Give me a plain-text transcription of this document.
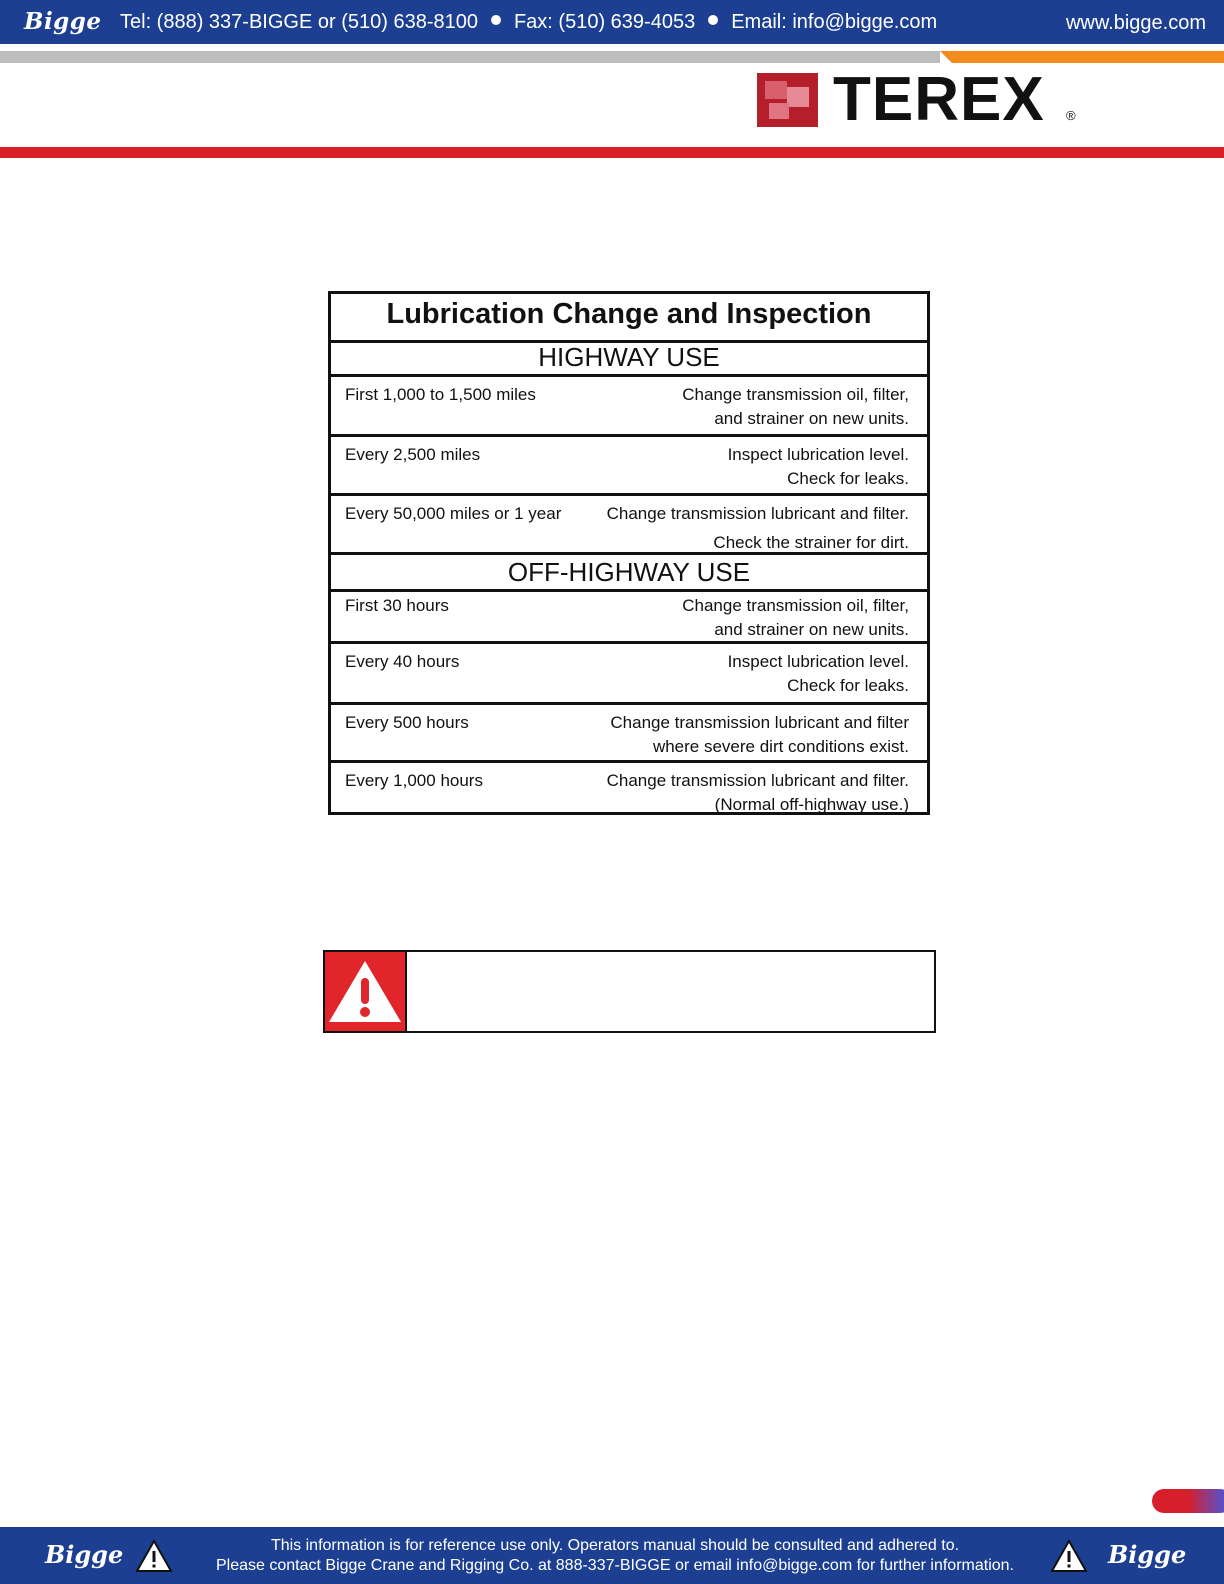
Bigge Tel: (888) 337-BIGGE or (510) 638-8100 Fax: (510) 639-4053 Email: info@bigge.com	www.bigge.com
TEREX ®
Lubrication Change and Inspection
HIGHWAY USE
First 1,000 to 1,500 miles	Change transmission oil, filter,
and strainer on new units.
Every 2,500 miles	Inspect lubrication level.
Check for leaks.
Every 50,000 miles or 1 year	Change transmission lubricant and filter.
Check the strainer for dirt.
OFF-HIGHWAY USE
First 30 hours	Change transmission oil, filter,
and strainer on new units.
Every 40 hours	Inspect lubrication level.
Check for leaks.
Every 500 hours	Change transmission lubricant and filter
where severe dirt conditions exist.
Every 1,000 hours	Change transmission lubricant and filter.
(Normal off-highway use.)
Bigge	This information is for reference use only. Operators manual should be consulted and adhered to.
Please contact Bigge Crane and Rigging Co. at 888-337-BIGGE or email info@bigge.com for further information.	Bigge
